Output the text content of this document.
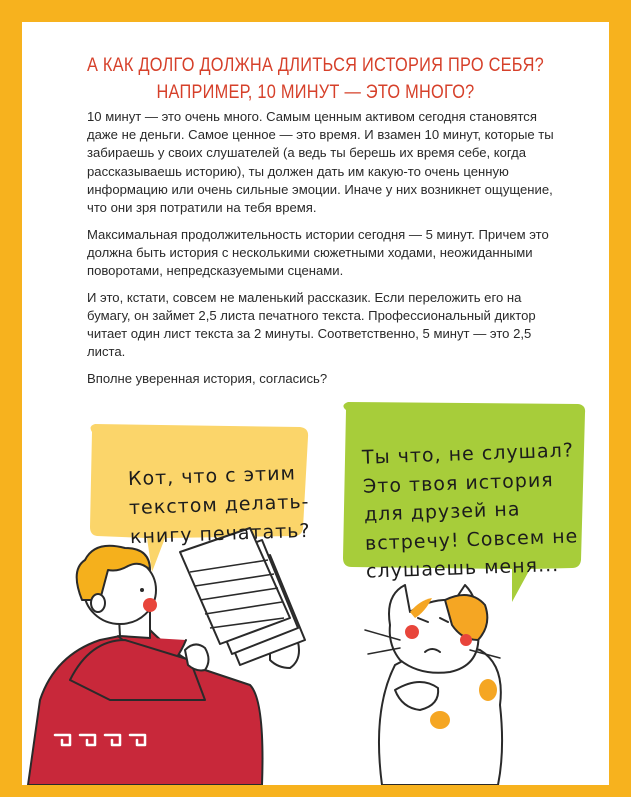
А КАК ДОЛГО ДОЛЖНА ДЛИТЬСЯ ИСТОРИЯ ПРО СЕБЯ?
НАПРИМЕР, 10 МИНУТ — ЭТО МНОГО?

10 минут — это очень много. Самым ценным активом сегодня становятся даже не деньги. Самое ценное — это время. И взамен 10 минут, которые ты забираешь у своих слушателей (а ведь ты берешь их время себе, когда рассказываешь историю), ты должен дать им какую-то очень ценную информацию или очень сильные эмоции. Иначе у них возникнет ощущение, что они зря потратили на тебя время.

Максимальная продолжительность истории сегодня — 5 минут. Причем это должна быть история с несколькими сюжетными ходами, неожиданными поворотами, непредсказуемыми сценами.

И это, кстати, совсем не маленький рассказик. Если переложить его на бумагу, он займет 2,5 листа печатного текста. Профессиональный диктор читает один лист текста за 2 минуты. Соответственно, 5 минут — это 2,5 листа.

Вполне уверенная история, согласись?

Кот, что с этим
текстом делать-
книгу печатать?
Ты что, не слушал?
Это твоя история
для друзей на
встречу! Совсем не
слушаешь меня...
